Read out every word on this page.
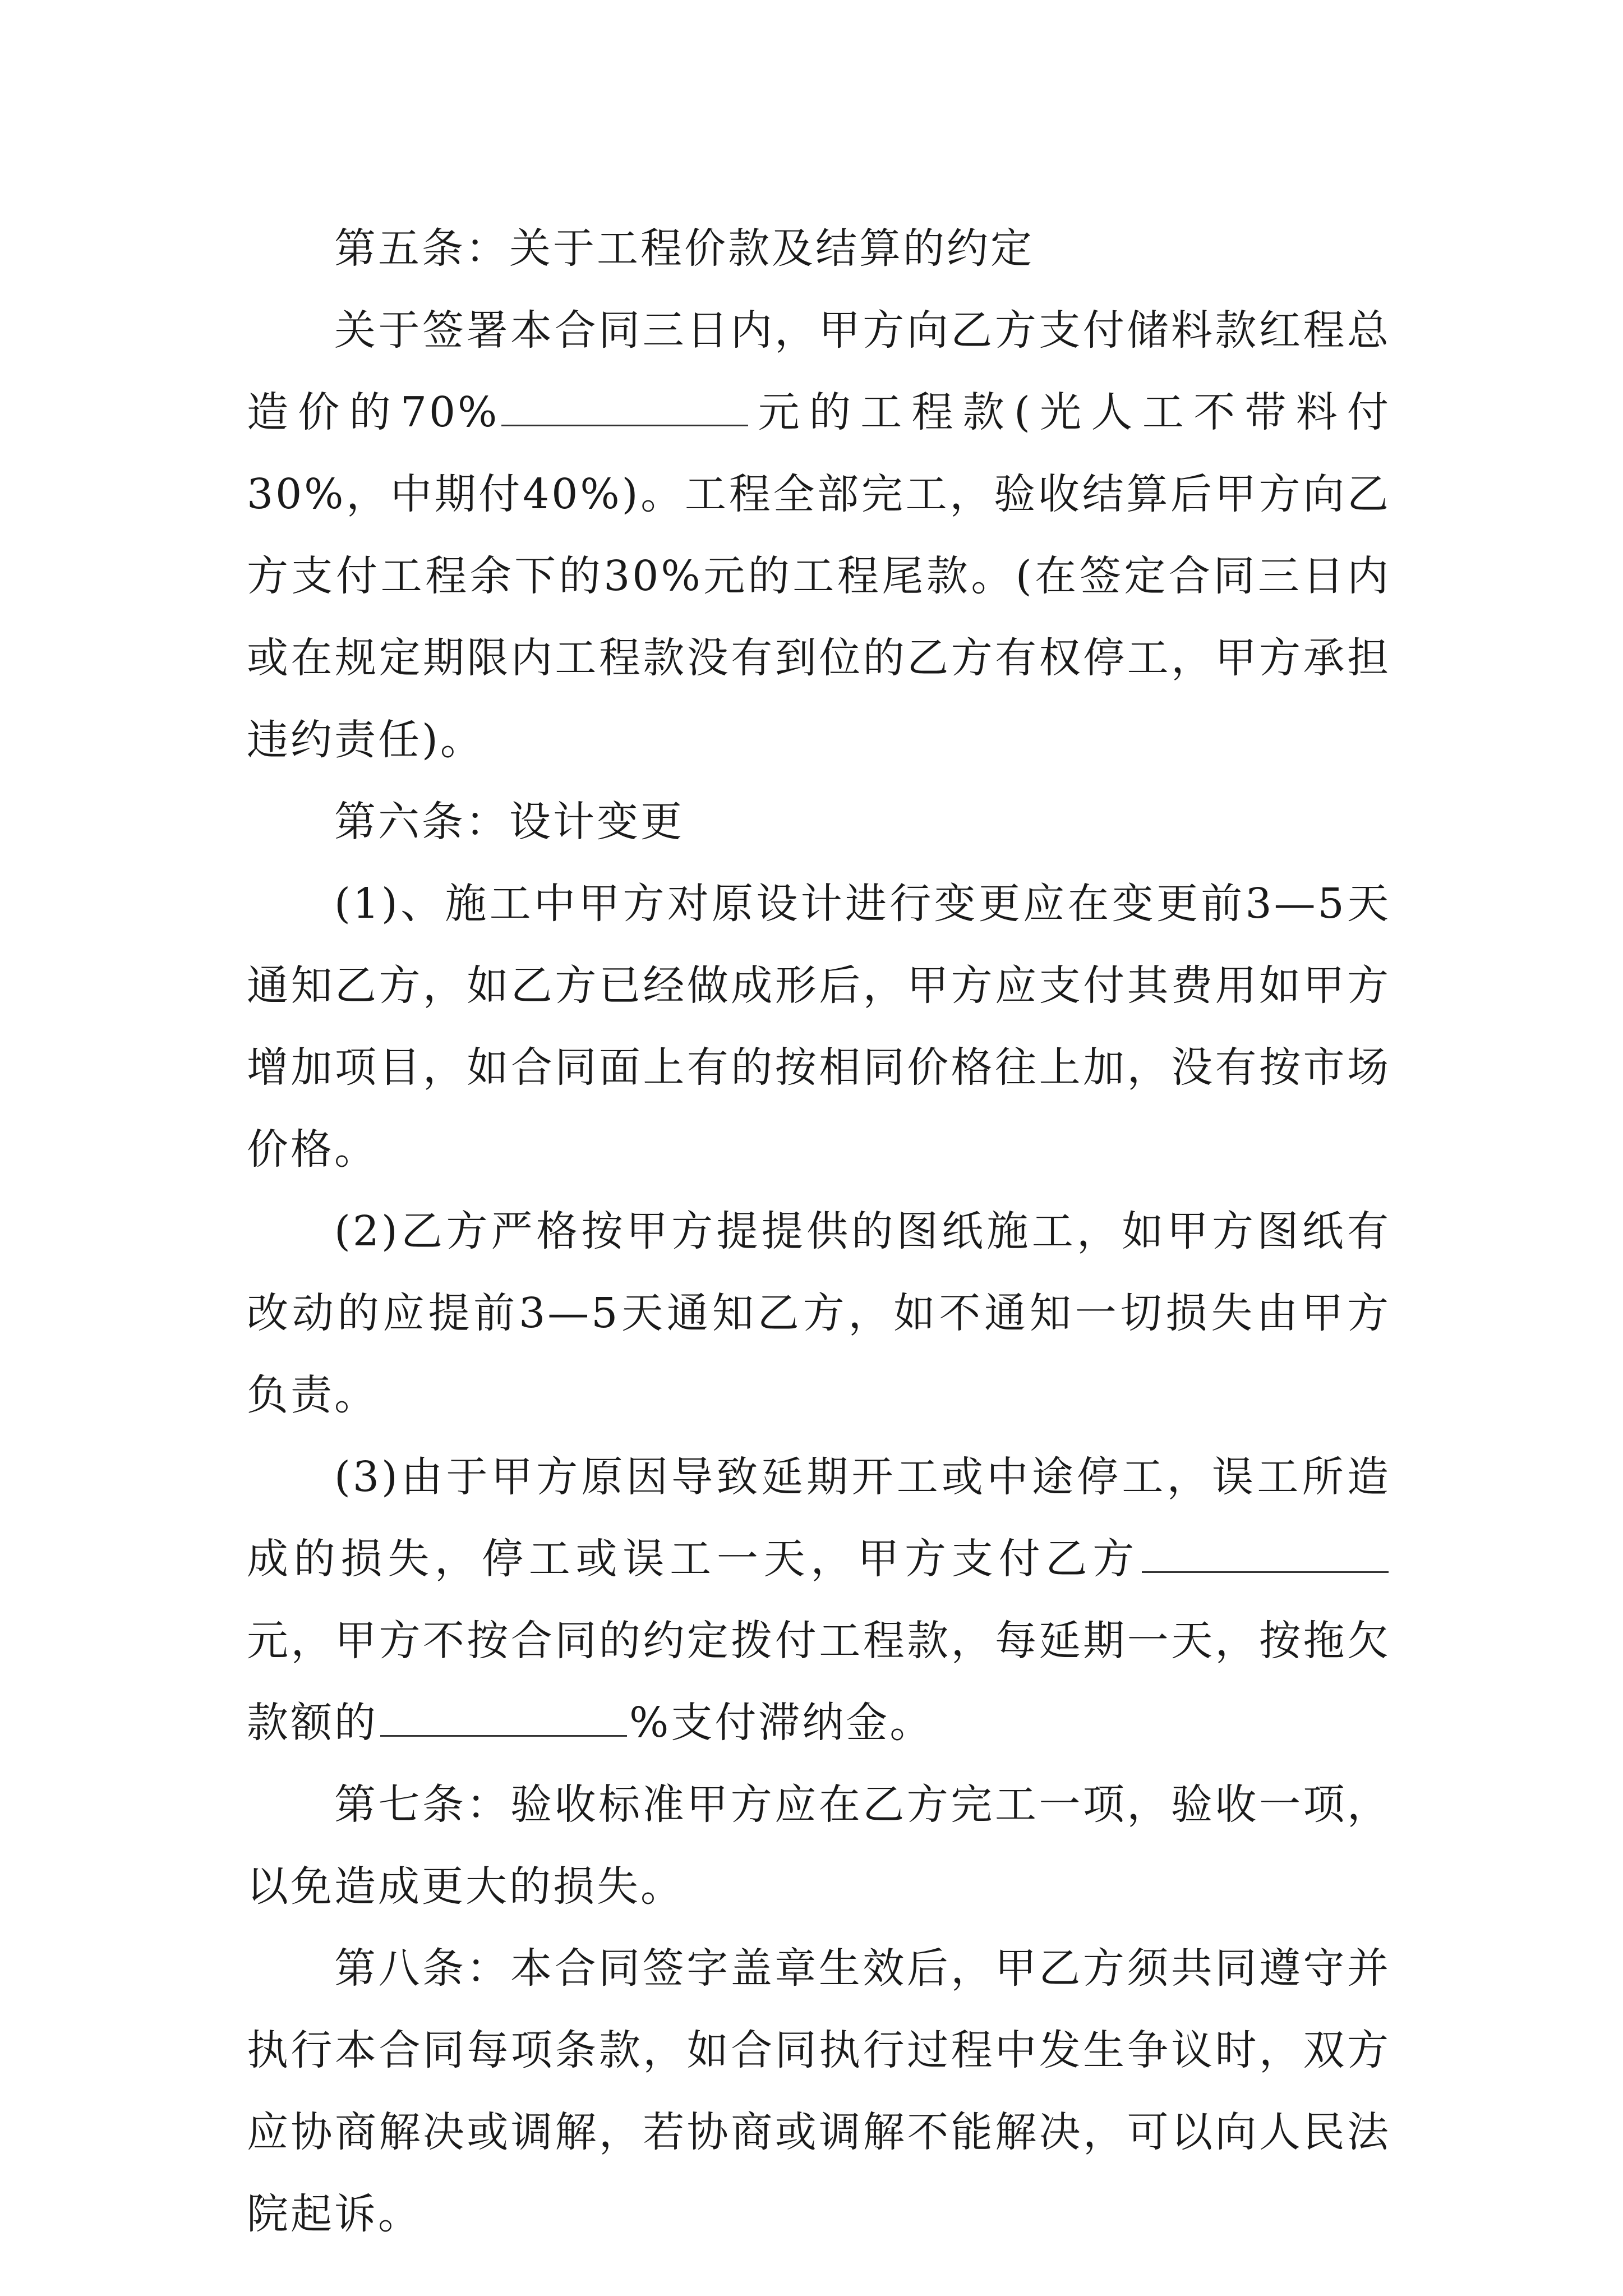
第五条：关于工程价款及结算的约定

关于签署本合同三日内，甲方向乙方支付储料款红程总造价的70%	元的工程款(光人工不带料付30%，中期付40%)。工程全部完工，验收结算后甲方向乙方支付工程余下的30%元的工程尾款。(在签定合同三日内或在规定期限内工程款没有到位的乙方有权停工，甲方承担违约责任)。

第六条：设计变更

(1)、施工中甲方对原设计进行变更应在变更前3—5天通知乙方，如乙方已经做成形后，甲方应支付其费用如甲方增加项目，如合同面上有的按相同价格往上加，没有按市场价格。

(2)乙方严格按甲方提提供的图纸施工，如甲方图纸有改动的应提前3—5天通知乙方，如不通知一切损失由甲方负责。

(3)由于甲方原因导致延期开工或中途停工，误工所造成的损失，停工或误工一天，甲方支付乙方元，甲方不按合同的约定拨付工程款，每延期一天，按拖欠款额的	%支付滞纳金。

第七条：验收标准甲方应在乙方完工一项，验收一项，以免造成更大的损失。

第八条：本合同签字盖章生效后，甲乙方须共同遵守并执行本合同每项条款，如合同执行过程中发生争议时，双方应协商解决或调解，若协商或调解不能解决，可以向人民法院起诉。
